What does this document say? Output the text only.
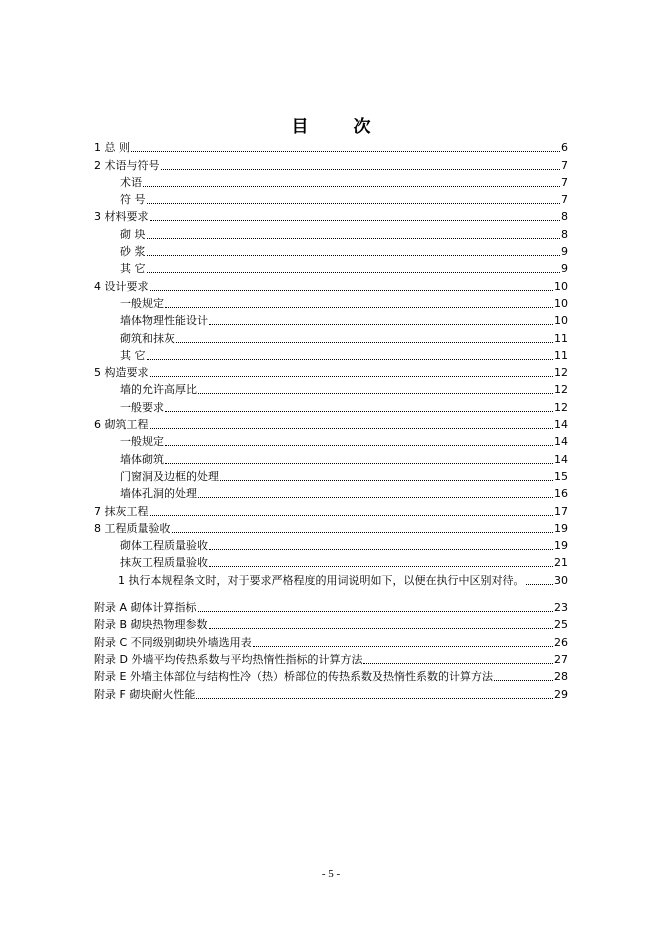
目　次
1 总 则	6
2 术语与符号	7
术语	7
符 号	7
3 材料要求	8
砌 块	8
砂 浆	9
其 它	9
4 设计要求	10
一般规定	10
墙体物理性能设计	10
砌筑和抹灰	11
其 它	11
5 构造要求	12
墙的允许高厚比	12
一般要求	12
6 砌筑工程	14
一般规定	14
墙体砌筑	14
门窗洞及边框的处理	15
墙体孔洞的处理	16
7 抹灰工程	17
8 工程质量验收	19
砌体工程质量验收	19
抹灰工程质量验收	21
1 执行本规程条文时，对于要求严格程度的用词说明如下，以便在执行中区别对待。	30
附录 A 砌体计算指标	23
附录 B 砌块热物理参数	25
附录 C 不同级别砌块外墙选用表	26
附录 D 外墙平均传热系数与平均热惰性指标的计算方法	27
附录 E 外墙主体部位与结构性冷（热）桥部位的传热系数及热惰性系数的计算方法	28
附录 F 砌块耐火性能	29
- 5 -
